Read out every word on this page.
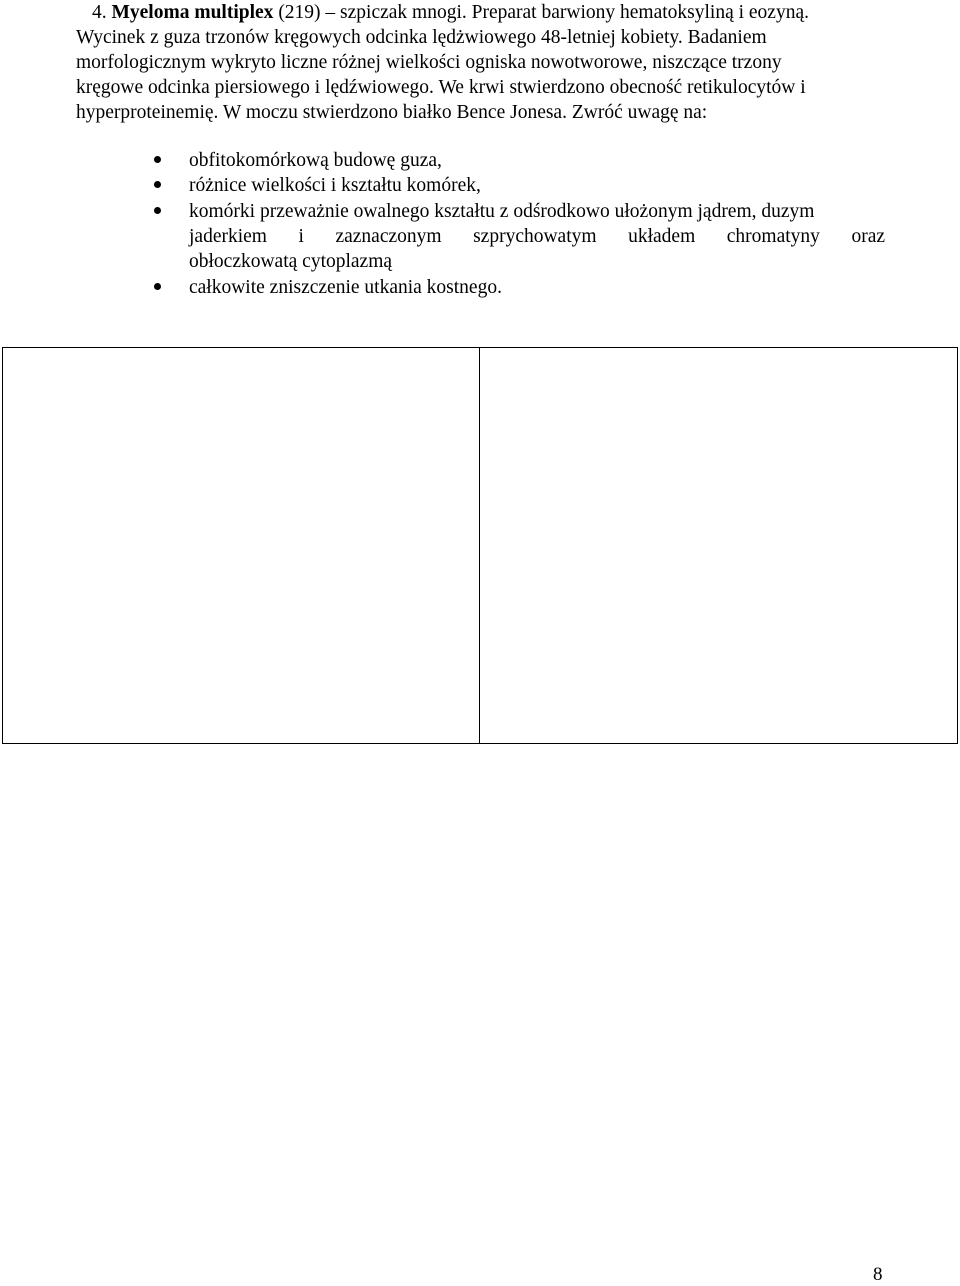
4. Myeloma multiplex (219) – szpiczak mnogi. Preparat barwiony hematoksyliną i eozyną.
Wycinek z guza trzonów kręgowych odcinka lędżwiowego 48-letniej kobiety. Badaniem
morfologicznym wykryto liczne różnej wielkości ogniska nowotworowe, niszczące trzony
kręgowe odcinka piersiowego i lędźwiowego. We krwi stwierdzono obecność retikulocytów i
hyperproteinemię. W moczu stwierdzono białko Bence Jonesa. Zwróć uwagę na:
obfitokomórkową budowę guza,
różnice wielkości i kształtu komórek,
komórki przeważnie owalnego kształtu z odśrodkowo ułożonym jądrem, duzym
jaderkiem i zaznaczonym szprychowatym układem chromatyny oraz
obłoczkowatą cytoplazmą
całkowite zniszczenie utkania kostnego.
8
